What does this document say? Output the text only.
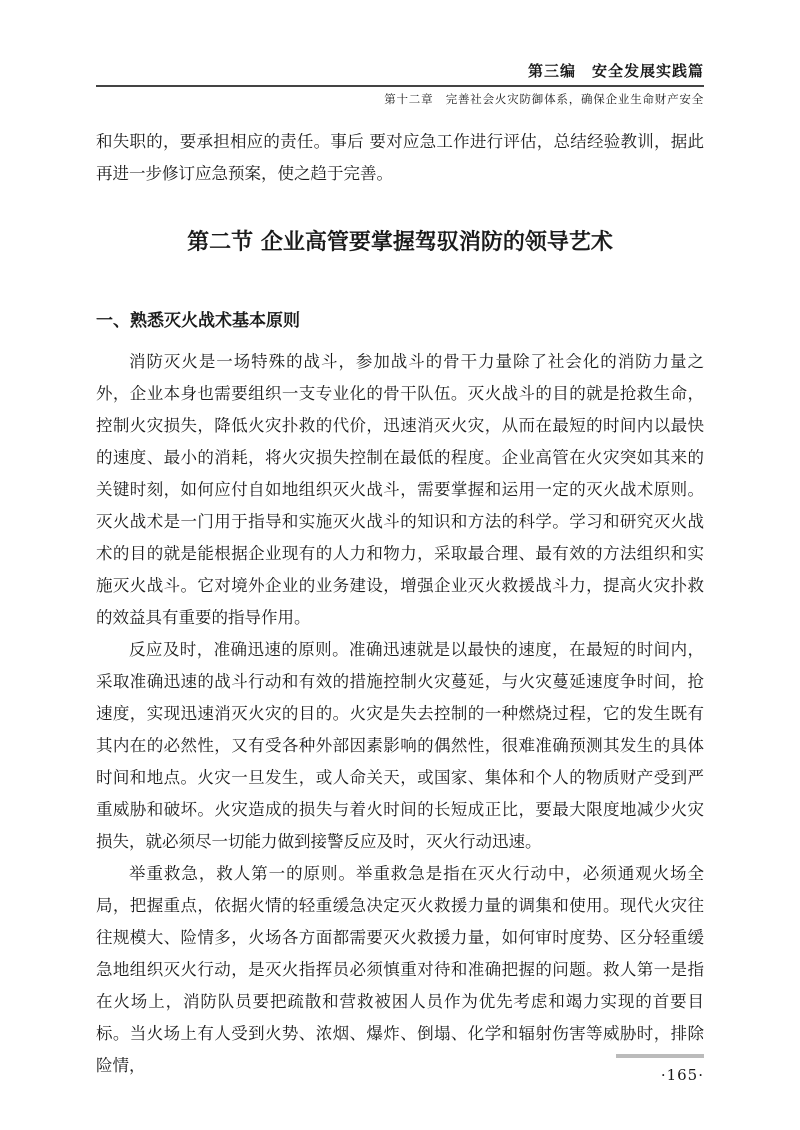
第三编　安全发展实践篇
第十二章　完善社会火灾防御体系，确保企业生命财产安全

和失职的，要承担相应的责任。事后 要对应急工作进行评估，总结经验教训，据此再进一步修订应急预案，使之趋于完善。

第二节 企业高管要掌握驾驭消防的领导艺术
一、熟悉灭火战术基本原则

消防灭火是一场特殊的战斗，参加战斗的骨干力量除了社会化的消防力量之外，企业本身也需要组织一支专业化的骨干队伍。灭火战斗的目的就是抢救生命，控制火灾损失，降低火灾扑救的代价，迅速消灭火灾，从而在最短的时间内以最快的速度、最小的消耗，将火灾损失控制在最低的程度。企业高管在火灾突如其来的关键时刻，如何应付自如地组织灭火战斗，需要掌握和运用一定的灭火战术原则。灭火战术是一门用于指导和实施灭火战斗的知识和方法的科学。学习和研究灭火战术的目的就是能根据企业现有的人力和物力，采取最合理、最有效的方法组织和实施灭火战斗。它对境外企业的业务建设，增强企业灭火救援战斗力，提高火灾扑救的效益具有重要的指导作用。

反应及时，准确迅速的原则。准确迅速就是以最快的速度，在最短的时间内，采取准确迅速的战斗行动和有效的措施控制火灾蔓延，与火灾蔓延速度争时间，抢速度，实现迅速消灭火灾的目的。火灾是失去控制的一种燃烧过程，它的发生既有其内在的必然性，又有受各种外部因素影响的偶然性，很难准确预测其发生的具体时间和地点。火灾一旦发生，或人命关天，或国家、集体和个人的物质财产受到严重威胁和破坏。火灾造成的损失与着火时间的长短成正比，要最大限度地减少火灾损失，就必须尽一切能力做到接警反应及时，灭火行动迅速。

举重救急，救人第一的原则。举重救急是指在灭火行动中，必须通观火场全局，把握重点，依据火情的轻重缓急决定灭火救援力量的调集和使用。现代火灾往往规模大、险情多，火场各方面都需要灭火救援力量，如何审时度势、区分轻重缓急地组织灭火行动，是灭火指挥员必须慎重对待和准确把握的问题。救人第一是指在火场上，消防队员要把疏散和营救被困人员作为优先考虑和竭力实现的首要目标。当火场上有人受到火势、浓烟、爆炸、倒塌、化学和辐射伤害等威胁时，排除险情，	·165·
